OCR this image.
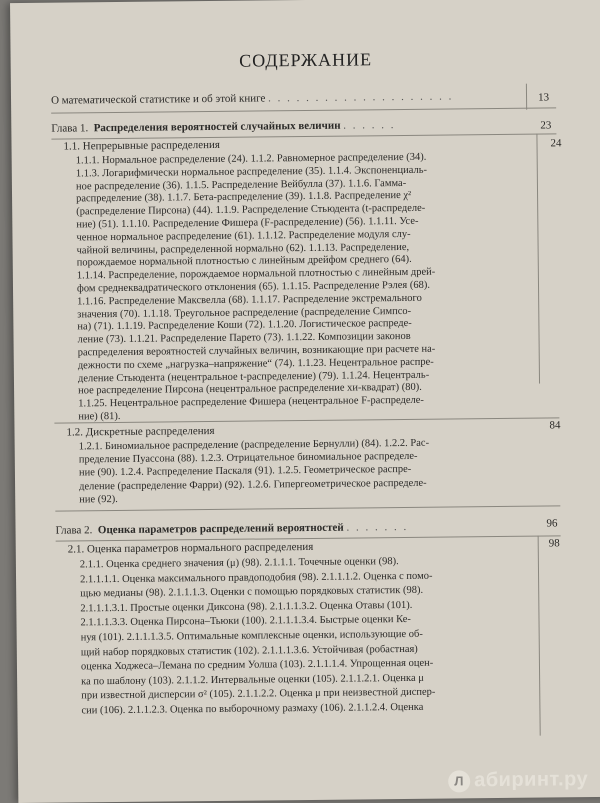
СОДЕРЖАНИЕ
О математической статистике и об этой книге . . . . . . . . . . . . . . . . . . . .	13
Глава 1. Распределения вероятностей случайных величин . . . . . .	23
1.1. Непрерывные распределения	24
1.1.1. Нормальное распределение (24). 1.1.2. Равномерное распределение (34).
1.1.3. Логарифмически нормальное распределение (35). 1.1.4. Экспоненциаль-
ное распределение (36). 1.1.5. Распределение Вейбулла (37). 1.1.6. Гамма-
распределение (38). 1.1.7. Бета-распределение (39). 1.1.8. Распределение χ²
(распределение Пирсона) (44). 1.1.9. Распределение Стьюдента (t-распределе-
ние) (51). 1.1.10. Распределение Фишера (F-распределение) (56). 1.1.11. Усе-
ченное нормальное распределение (61). 1.1.12. Распределение модуля слу-
чайной величины, распределенной нормально (62). 1.1.13. Распределение,
порождаемое нормальной плотностью с линейным дрейфом среднего (64).
1.1.14. Распределение, порождаемое нормальной плотностью с линейным дрей-
фом среднеквадратического отклонения (65). 1.1.15. Распределение Рэлея (68).
1.1.16. Распределение Максвелла (68). 1.1.17. Распределение экстремального
значения (70). 1.1.18. Треугольное распределение (распределение Симпсо-
на) (71). 1.1.19. Распределение Коши (72). 1.1.20. Логистическое распреде-
ление (73). 1.1.21. Распределение Парето (73). 1.1.22. Композиции законов
распределения вероятностей случайных величин, возникающие при расчете на-
дежности по схеме „нагрузка–напряжение“ (74). 1.1.23. Нецентральное распре-
деление Стьюдента (нецентральное t-распределение) (79). 1.1.24. Нецентраль-
ное распределение Пирсона (нецентральное распределение хи-квадрат) (80).
1.1.25. Нецентральное распределение Фишера (нецентральное F-распределе-
ние) (81).
1.2. Дискретные распределения	84
1.2.1. Биномиальное распределение (распределение Бернулли) (84). 1.2.2. Рас-
пределение Пуассона (88). 1.2.3. Отрицательное биномиальное распределе-
ние (90). 1.2.4. Распределение Паскаля (91). 1.2.5. Геометрическое распре-
деление (распределение Фарри) (92). 1.2.6. Гипергеометрическое распределе-
ние (92).
Глава 2. Оценка параметров распределений вероятностей . . . . . . .	96
2.1. Оценка параметров нормального распределения	98
2.1.1. Оценка среднего значения (μ) (98). 2.1.1.1. Точечные оценки (98).
2.1.1.1.1. Оценка максимального правдоподобия (98). 2.1.1.1.2. Оценка с помо-
щью медианы (98). 2.1.1.1.3. Оценки с помощью порядковых статистик (98).
2.1.1.1.3.1. Простые оценки Диксона (98). 2.1.1.1.3.2. Оценка Отавы (101).
2.1.1.1.3.3. Оценка Пирсона–Тьюки (100). 2.1.1.1.3.4. Быстрые оценки Ке-
нуя (101). 2.1.1.1.3.5. Оптимальные комплексные оценки, использующие об-
щий набор порядковых статистик (102). 2.1.1.1.3.6. Устойчивая (робастная)
оценка Ходжеса–Лемана по средним Уолша (103). 2.1.1.1.4. Упрощенная оцен-
ка по шаблону (103). 2.1.1.2. Интервальные оценки (105). 2.1.1.2.1. Оценка μ
при известной дисперсии σ² (105). 2.1.1.2.2. Оценка μ при неизвестной диспер-
сии (106). 2.1.1.2.3. Оценка по выборочному размаху (106). 2.1.1.2.4. Оценка
Л абиринт.ру
